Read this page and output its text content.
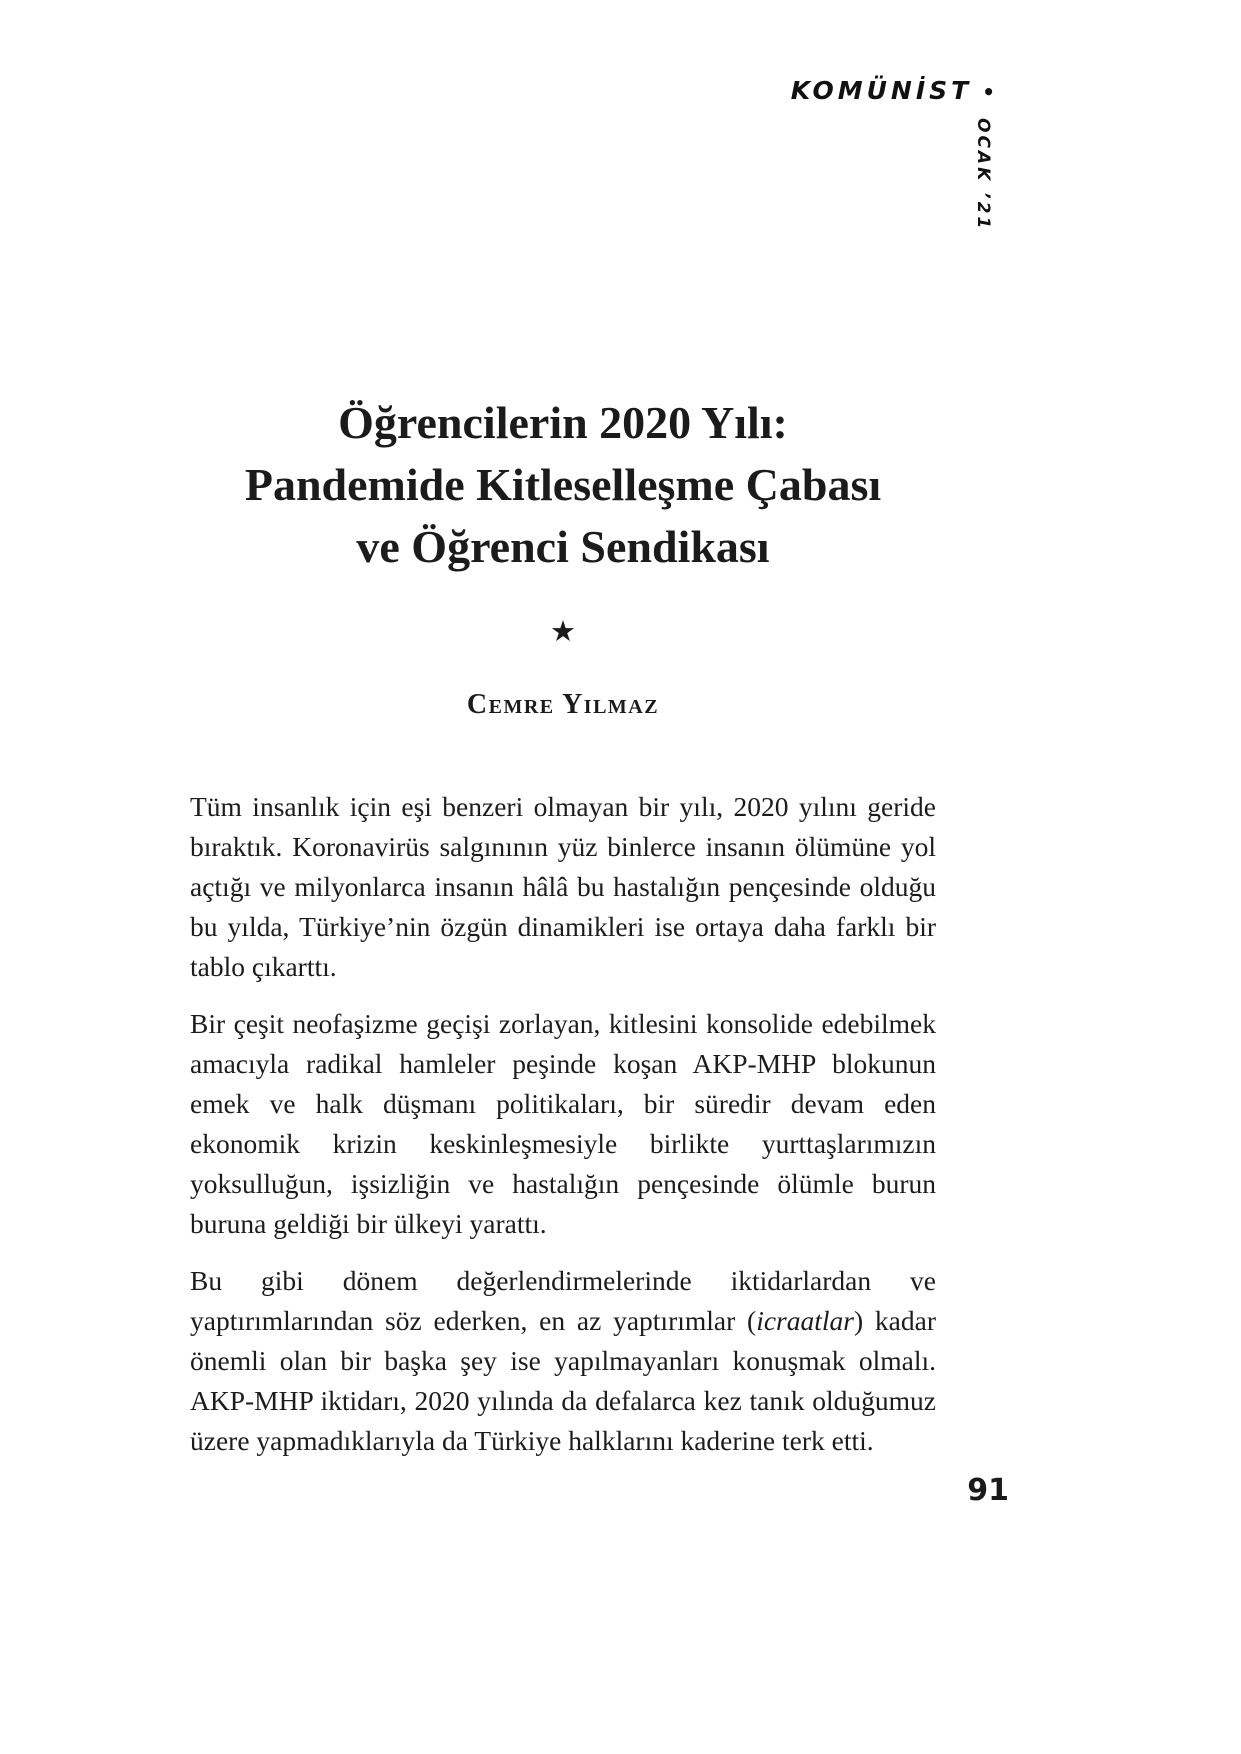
KOMÜNİST •
OCAK ’21
Öğrencilerin 2020 Yılı:
Pandemide Kitleselleşme Çabası
ve Öğrenci Sendikası
★
Cemre Yılmaz

Tüm insanlık için eşi benzeri olmayan bir yılı, 2020 yılını geride bıraktık. Koronavirüs salgınının yüz binlerce insanın ölümüne yol açtığı ve milyonlarca insanın hâlâ bu hastalığın pençesinde olduğu bu yılda, Türkiye’nin özgün dinamikleri ise ortaya daha farklı bir tablo çıkarttı.

Bir çeşit neofaşizme geçişi zorlayan, kitlesini konsolide edebilmek amacıyla radikal hamleler peşinde koşan AKP-MHP blokunun emek ve halk düşmanı politikaları, bir süredir devam eden ekonomik krizin keskinleşmesiyle birlikte yurttaşlarımızın yoksulluğun, işsizliğin ve hastalığın pençesinde ölümle burun buruna geldiği bir ülkeyi yarattı.

Bu gibi dönem değerlendirmelerinde iktidarlardan ve yaptırımlarından söz ederken, en az yaptırımlar (icraatlar) kadar önemli olan bir başka şey ise yapılmayanları konuşmak olmalı. AKP-MHP iktidarı, 2020 yılında da defalarca kez tanık olduğumuz üzere yapmadıklarıyla da Türkiye halklarını kaderine terk etti.

91
